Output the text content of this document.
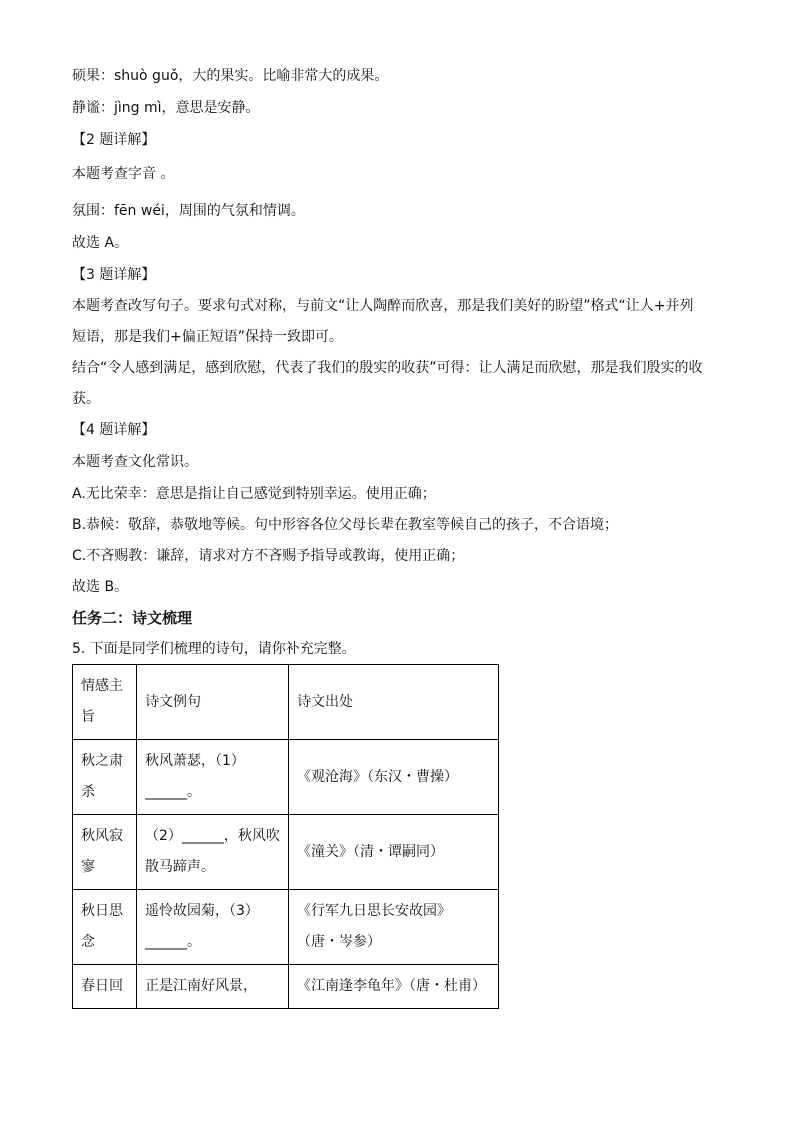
硕果：shuò guǒ，大的果实。比喻非常大的成果。
静谧：jìng mì，意思是安静。
【2 题详解】
本题考查字音 。
氛围：fēn wéi，周围的气氛和情调。
故选 A。
【3 题详解】
本题考查改写句子。要求句式对称，与前文“让人陶醉而欣喜，那是我们美好的盼望”格式“让人+并列
短语，那是我们+偏正短语”保持一致即可。
结合“令人感到满足，感到欣慰，代表了我们的殷实的收获”可得：让人满足而欣慰，那是我们殷实的收
获。
【4 题详解】
本题考查文化常识。
A.无比荣幸：意思是指让自己感觉到特别幸运。使用正确；
B.恭候：敬辞，恭敬地等候。句中形容各位父母长辈在教室等候自己的孩子，不合语境；
C.不吝赐教：谦辞，请求对方不吝赐予指导或教诲，使用正确；
故选 B。
任务二：诗文梳理
5. 下面是同学们梳理的诗句，请你补充完整。
情感主
旨	诗文例句	诗文出处

秋之肃
杀	秋风萧瑟，（1）
______。	《观沧海》（东汉・曹操）

秋风寂
寥	（2）______，秋风吹
散马蹄声。	《潼关》（清・谭嗣同）

秋日思
念	遥怜故园菊，（3）
______。	《行军九日思长安故园》
（唐・岑参）

春日回	正是江南好风景，	《江南逢李龟年》（唐・杜甫）
